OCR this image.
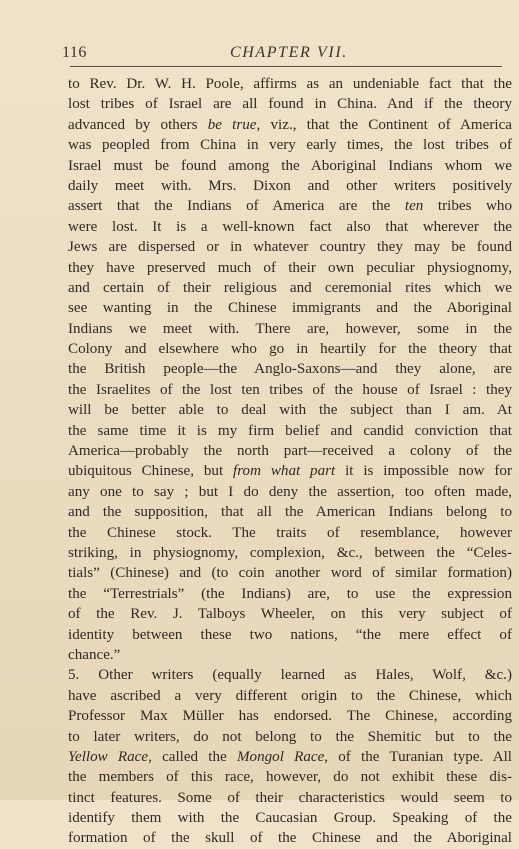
116	CHAPTER VII.
to Rev. Dr. W. H. Poole, affirms as an undeniable fact that the
lost tribes of Israel are all found in China. And if the theory
advanced by others be true, viz., that the Continent of America
was peopled from China in very early times, the lost tribes of
Israel must be found among the Aboriginal Indians whom we
daily meet with. Mrs. Dixon and other writers positively
assert that the Indians of America are the ten tribes who
were lost. It is a well-known fact also that wherever the
Jews are dispersed or in whatever country they may be found
they have preserved much of their own peculiar physiognomy,
and certain of their religious and ceremonial rites which we
see wanting in the Chinese immigrants and the Aboriginal
Indians we meet with. There are, however, some in the
Colony and elsewhere who go in heartily for the theory that
the British people—the Anglo-Saxons—and they alone, are
the Israelites of the lost ten tribes of the house of Israel : they
will be better able to deal with the subject than I am. At
the same time it is my firm belief and candid conviction that
America—probably the north part—received a colony of the
ubiquitous Chinese, but from what part it is impossible now for
any one to say ; but I do deny the assertion, too often made,
and the supposition, that all the American Indians belong to
the Chinese stock. The traits of resemblance, however
striking, in physiognomy, complexion, &c., between the “Celes-
tials” (Chinese) and (to coin another word of similar formation)
the “Terrestrials” (the Indians) are, to use the expression
of the Rev. J. Talboys Wheeler, on this very subject of
identity between these two nations, “the mere effect of
chance.”
5. Other writers (equally learned as Hales, Wolf, &c.)
have ascribed a very different origin to the Chinese, which
Professor Max Müller has endorsed. The Chinese, according
to later writers, do not belong to the Shemitic but to the
Yellow Race, called the Mongol Race, of the Turanian type. All
the members of this race, however, do not exhibit these dis-
tinct features. Some of their characteristics would seem to
identify them with the Caucasian Group. Speaking of the
formation of the skull of the Chinese and the Aboriginal
